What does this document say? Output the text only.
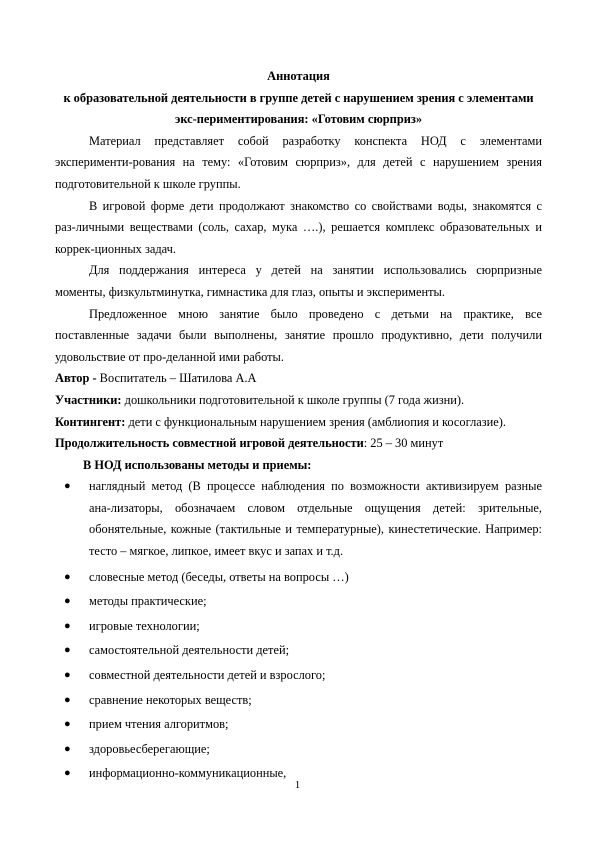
Аннотация

к образовательной деятельности в группе детей с нарушением зрения с элементами экс-периментирования: «Готовим сюрприз»

Материал представляет собой разработку конспекта НОД с элементами эксперименти-рования на тему: «Готовим сюрприз», для детей с нарушением зрения подготовительной к школе группы.

В игровой форме дети продолжают знакомство со свойствами воды, знакомятся с раз-личными веществами (соль, сахар, мука ….), решается комплекс образовательных и коррек-ционных задач.

Для поддержания интереса у детей на занятии использовались сюрпризные моменты, физкультминутка, гимнастика для глаз, опыты и эксперименты.

Предложенное мною занятие было проведено с детьми на практике, все поставленные задачи были выполнены, занятие прошло продуктивно, дети получили удовольствие от про-деланной ими работы.

Автор - Воспитатель – Шатилова А.А

Участники: дошкольники подготовительной к школе группы (7 года жизни).

Контингент: дети с функциональным нарушением зрения (амблиопия и косоглазие).

Продолжительность совместной игровой деятельности: 25 – 30 минут

В НОД использованы методы и приемы:

● наглядный метод (В процессе наблюдения по возможности активизируем разные ана-лизаторы, обозначаем словом отдельные ощущения детей: зрительные, обонятельные, кожные (тактильные и температурные), кинестетические. Например: тесто – мягкое, липкое, имеет вкус и запах и т.д.
● словесные метод (беседы, ответы на вопросы …)
● методы практические;
● игровые технологии;
● самостоятельной деятельности детей;
● совместной деятельности детей и взрослого;
● сравнение некоторых веществ;
● прием чтения алгоритмов;
● здоровьесберегающие;
● информационно-коммуникационные,
1
